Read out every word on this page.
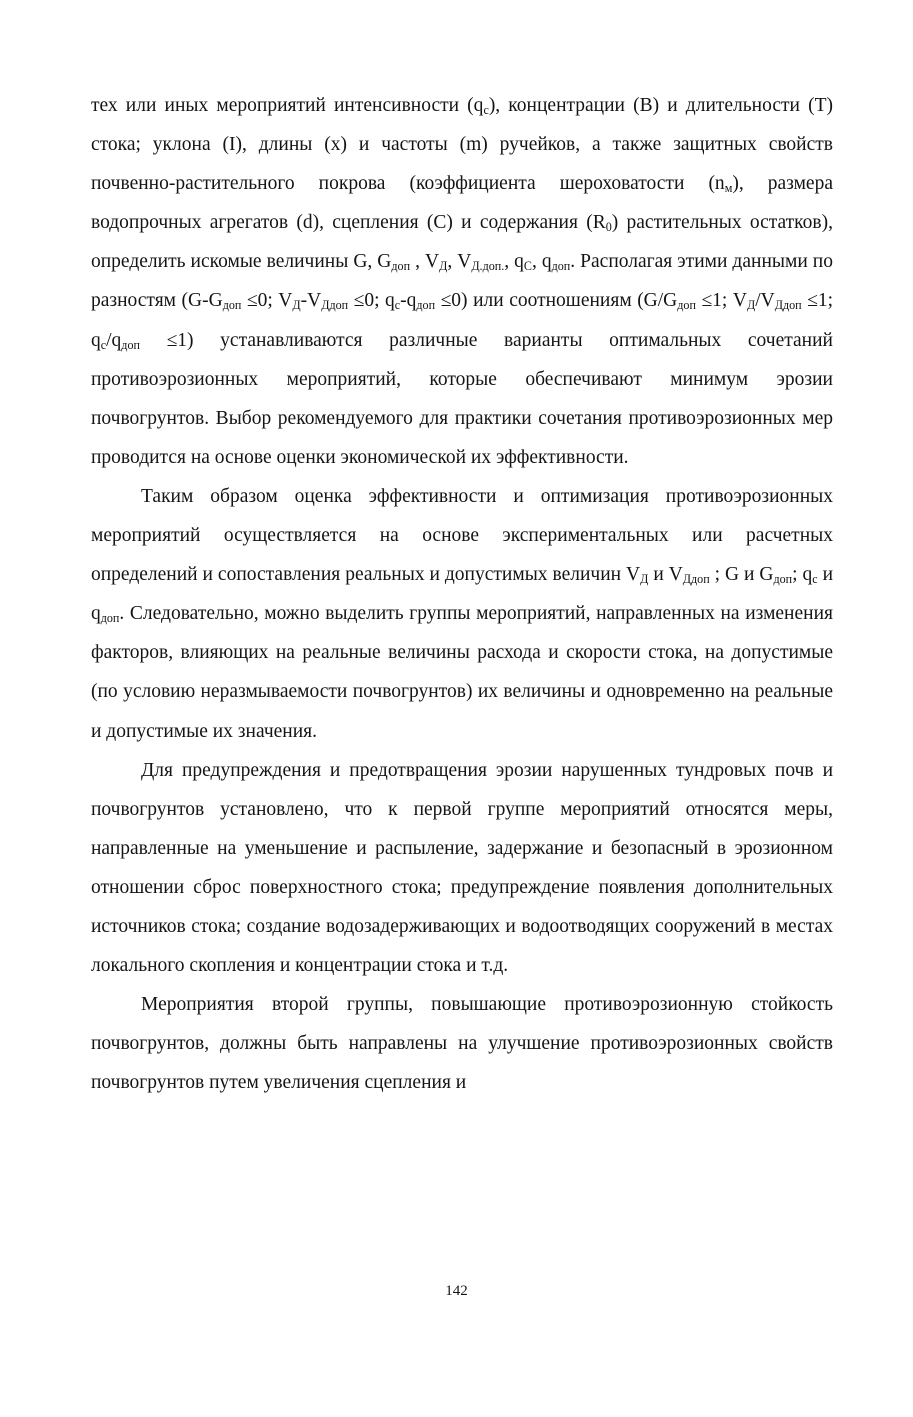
тех или иных мероприятий интенсивности $(q_c)$, концентрации (В) и длительности (Т) стока; уклона (I), длины (x) и частоты (m) ручейков, а также защитных свойств почвенно-растительного покрова (коэффициента шероховатости $(n_м)$, размера водопрочных агрегатов (d), сцепления (С) и содержания $(R_0)$ растительных остатков), определить искомые величины G, $G_{доп}$ , $V_Д$, $V_{Д.доп.}$, $q_C$, $q_{доп}$. Располагая этими данными по разностям ($G-G_{доп} \le 0$; $V_Д-V_{Ддоп} \le 0$; $q_c-q_{доп} \le 0$) или соотношениям ($G/G_{доп} \le 1$; $V_Д/V_{Ддоп} \le 1$; $q_c/q_{доп} \le 1$) устанавливаются различные варианты оптимальных сочетаний противоэрозионных мероприятий, которые обеспечивают минимум эрозии почвогрунтов. Выбор рекомендуемого для практики сочетания противоэрозионных мер проводится на основе оценки экономической их эффективности.

Таким образом оценка эффективности и оптимизация противоэрозионных мероприятий осуществляется на основе экспериментальных или расчетных определений и сопоставления реальных и допустимых величин $V_Д$ и $V_{Ддоп}$ ; G и $G_{доп}$; $q_c$ и $q_{доп}$. Следовательно, можно выделить группы мероприятий, направленных на изменения факторов, влияющих на реальные величины расхода и скорости стока, на допустимые (по условию неразмываемости почвогрунтов) их величины и одновременно на реальные и допустимые их значения.

Для предупреждения и предотвращения эрозии нарушенных тундровых почв и почвогрунтов установлено, что к первой группе мероприятий относятся меры, направленные на уменьшение и распыление, задержание и безопасный в эрозионном отношении сброс поверхностного стока; предупреждение появления дополнительных источников стока; создание водозадерживающих и водоотводящих сооружений в местах локального скопления и концентрации стока и т.д.

Мероприятия второй группы, повышающие противоэрозионную стойкость почвогрунтов, должны быть направлены на улучшение противоэрозионных свойств почвогрунтов путем увеличения сцепления и

142
